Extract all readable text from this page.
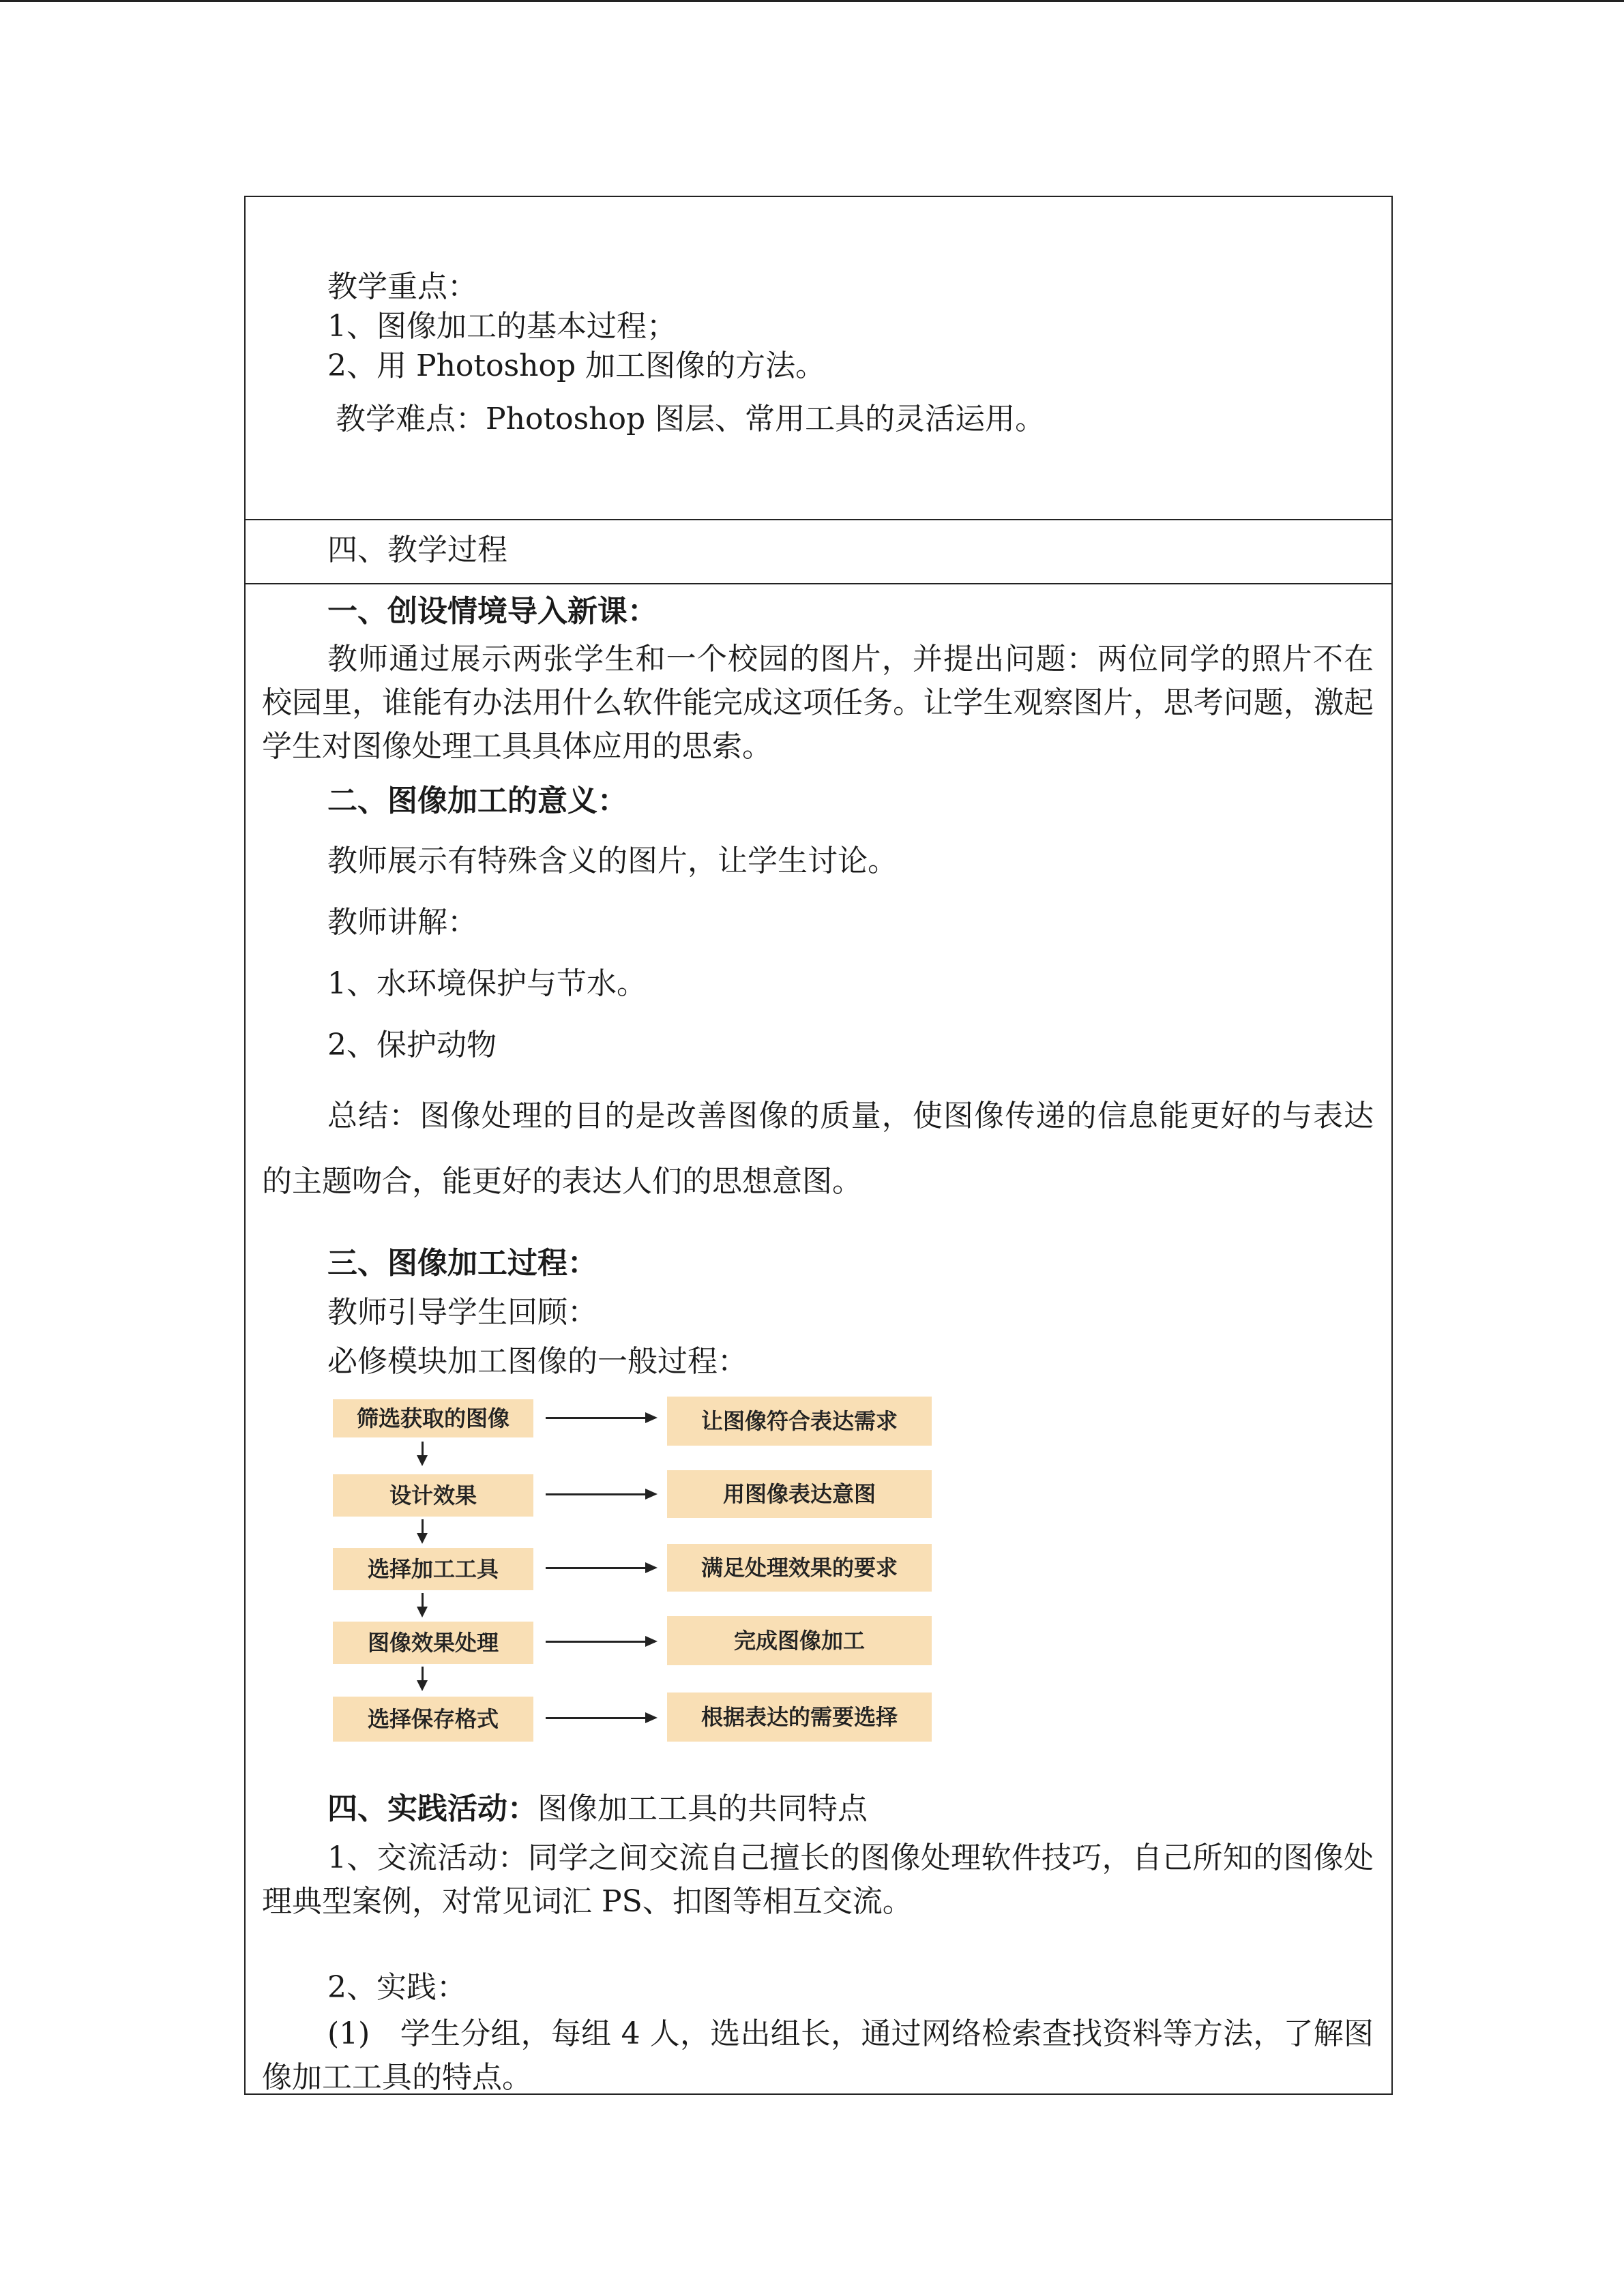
教学重点：
1、图像加工的基本过程；
2、用 Photoshop 加工图像的方法。
教学难点：Photoshop 图层、常用工具的灵活运用。
四、教学过程
一、创设情境导入新课：
教师通过展示两张学生和一个校园的图片，并提出问题：两位同学的照片不在校园里，谁能有办法用什么软件能完成这项任务。让学生观察图片，思考问题，激起学生对图像处理工具具体应用的思索。
二、图像加工的意义：
教师展示有特殊含义的图片，让学生讨论。
教师讲解：
1、水环境保护与节水。
2、保护动物
总结：图像处理的目的是改善图像的质量，使图像传递的信息能更好的与表达的主题吻合，能更好的表达人们的思想意图。
三、图像加工过程：
教师引导学生回顾：
必修模块加工图像的一般过程：
筛选获取的图像	让图像符合表达需求
设计效果	用图像表达意图
选择加工工具	满足处理效果的要求
图像效果处理	完成图像加工
选择保存格式	根据表达的需要选择
四、实践活动：图像加工工具的共同特点
1、交流活动：同学之间交流自己擅长的图像处理软件技巧，自己所知的图像处理典型案例，对常见词汇 PS、扣图等相互交流。
2、实践：
(1)　学生分组，每组 4 人，选出组长，通过网络检索查找资料等方法，了解图像加工工具的特点。
